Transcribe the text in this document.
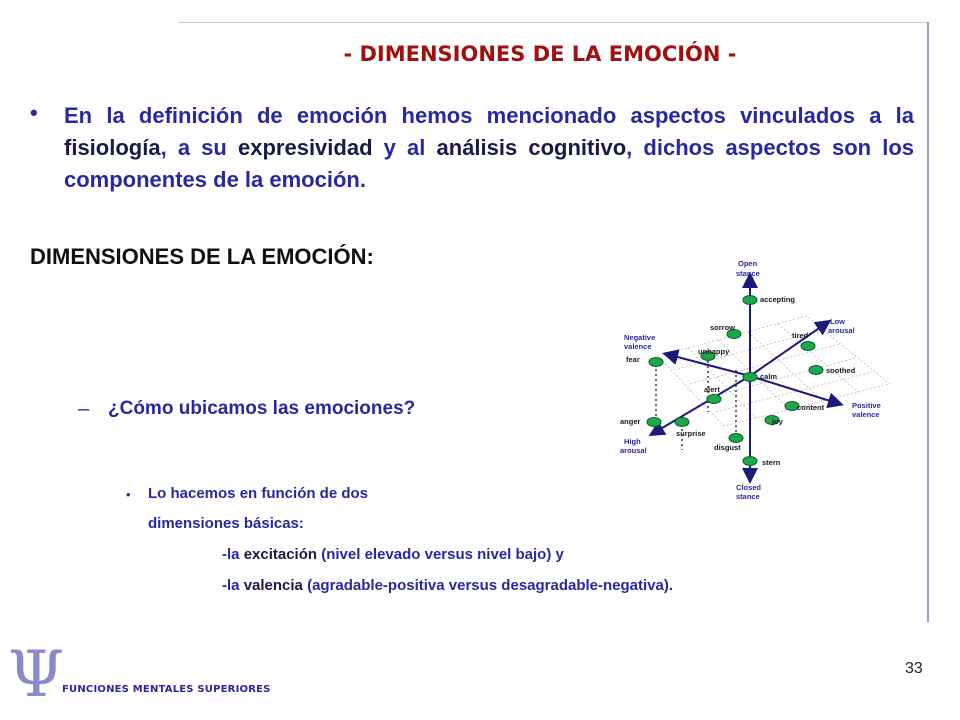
- DIMENSIONES DE LA EMOCIÓN -
• En la definición de emoción hemos mencionado aspectos vinculados a la fisiología, a su expresividad y al análisis cognitivo, dichos aspectos son los componentes de la emoción.
DIMENSIONES DE LA EMOCIÓN:
– ¿Cómo ubicamos las emociones?
• Lo hacemos en función de dos
dimensiones básicas:
-la excitación (nivel elevado versus nivel bajo) y
-la valencia (agradable-positiva versus desagradable-negativa).
accepting
sorrow
tired
unhappy
fear
calm
soothed
alert
content
anger
surprise
joy
disgust
stern
Open
stance
Low
arousal
Negative
valence
Positive
valence
High
arousal
Closed
stance
Ψ
FUNCIONES MENTALES SUPERIORES
33
